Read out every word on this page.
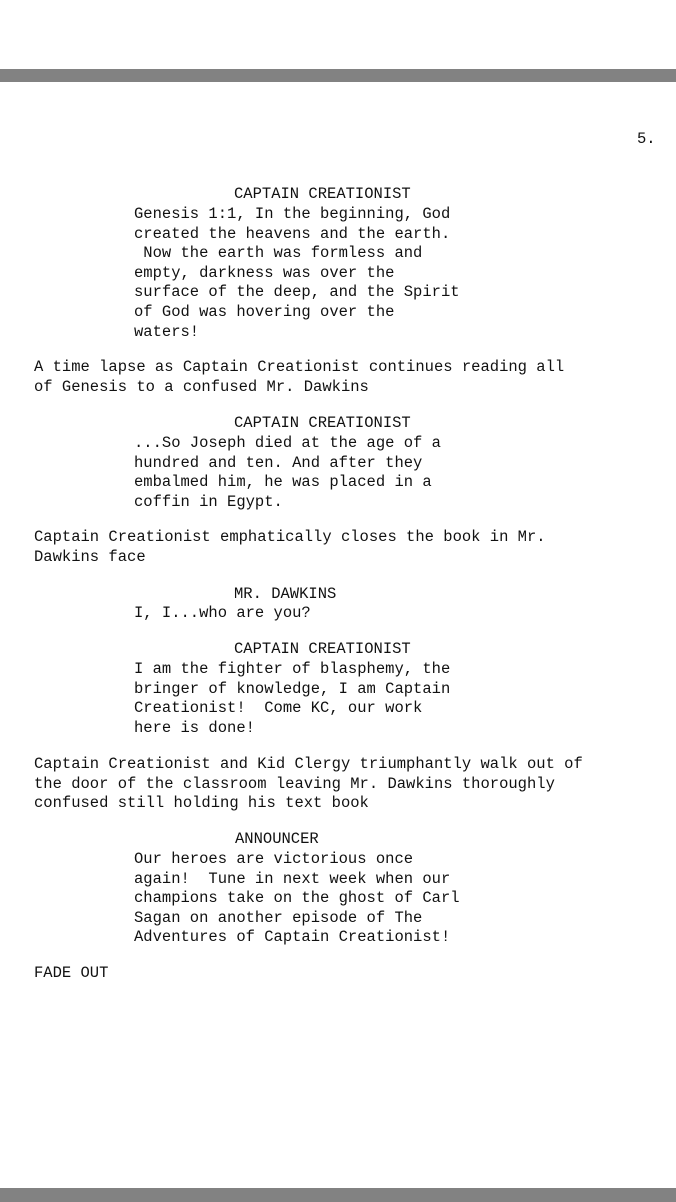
5.
CAPTAIN CREATIONIST
Genesis 1:1, In the beginning, God
created the heavens and the earth.
Now the earth was formless and
empty, darkness was over the
surface of the deep, and the Spirit
of God was hovering over the
waters!
A time lapse as Captain Creationist continues reading all
of Genesis to a confused Mr. Dawkins
CAPTAIN CREATIONIST
...So Joseph died at the age of a
hundred and ten. And after they
embalmed him, he was placed in a
coffin in Egypt.
Captain Creationist emphatically closes the book in Mr.
Dawkins face
MR. DAWKINS
I, I...who are you?
CAPTAIN CREATIONIST
I am the fighter of blasphemy, the
bringer of knowledge, I am Captain
Creationist!  Come KC, our work
here is done!
Captain Creationist and Kid Clergy triumphantly walk out of
the door of the classroom leaving Mr. Dawkins thoroughly
confused still holding his text book
ANNOUNCER
Our heroes are victorious once
again!  Tune in next week when our
champions take on the ghost of Carl
Sagan on another episode of The
Adventures of Captain Creationist!
FADE OUT
